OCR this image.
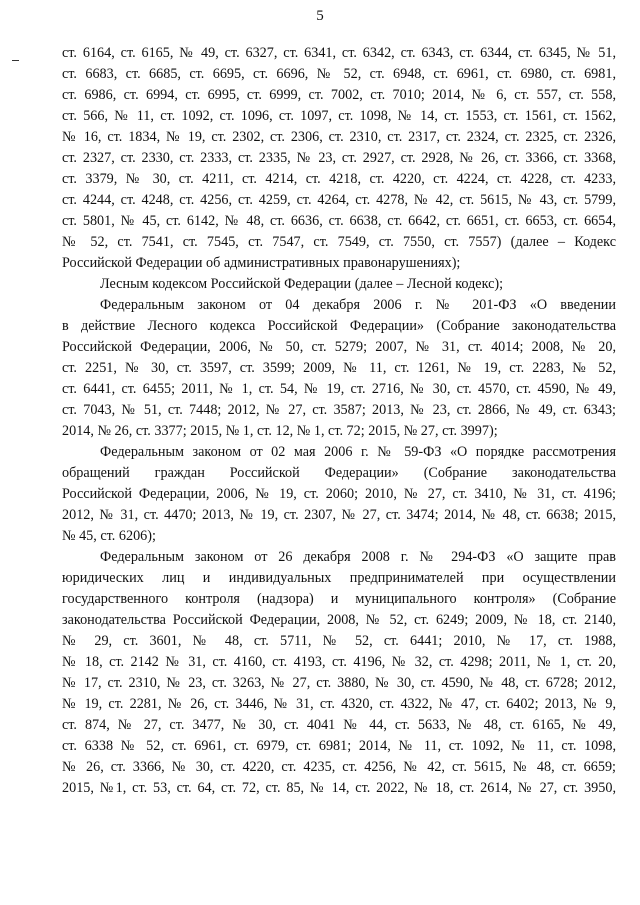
5
ст. 6164, ст. 6165, № 49, ст. 6327, ст. 6341, ст. 6342, ст. 6343, ст. 6344, ст. 6345, № 51,
ст. 6683, ст. 6685, ст. 6695, ст. 6696, № 52, ст. 6948, ст. 6961, ст. 6980, ст. 6981,
ст. 6986, ст. 6994, ст. 6995, ст. 6999, ст. 7002, ст. 7010; 2014, № 6, ст. 557, ст. 558,
ст. 566, № 11, ст. 1092, ст. 1096, ст. 1097, ст. 1098, № 14, ст. 1553, ст. 1561, ст. 1562,
№ 16, ст. 1834, № 19, ст. 2302, ст. 2306, ст. 2310, ст. 2317, ст. 2324, ст. 2325, ст. 2326,
ст. 2327, ст. 2330, ст. 2333, ст. 2335, № 23, ст. 2927, ст. 2928, № 26, ст. 3366, ст. 3368,
ст. 3379, № 30, ст. 4211, ст. 4214, ст. 4218, ст. 4220, ст. 4224, ст. 4228, ст. 4233,
ст. 4244, ст. 4248, ст. 4256, ст. 4259, ст. 4264, ст. 4278, № 42, ст. 5615, № 43, ст. 5799,
ст. 5801, № 45, ст. 6142, № 48, ст. 6636, ст. 6638, ст. 6642, ст. 6651, ст. 6653, ст. 6654,
№ 52, ст. 7541, ст. 7545, ст. 7547, ст. 7549, ст. 7550, ст. 7557) (далее – Кодекс
Российской Федерации об административных правонарушениях);
Лесным кодексом Российской Федерации (далее – Лесной кодекс);
Федеральным законом от 04 декабря 2006 г. № 201-ФЗ «О введении
в действие Лесного кодекса Российской Федерации» (Собрание законодательства
Российской Федерации, 2006, № 50, ст. 5279; 2007, № 31, ст. 4014; 2008, № 20,
ст. 2251, № 30, ст. 3597, ст. 3599; 2009, № 11, ст. 1261, № 19, ст. 2283, № 52,
ст. 6441, ст. 6455; 2011, № 1, ст. 54, № 19, ст. 2716, № 30, ст. 4570, ст. 4590, № 49,
ст. 7043, № 51, ст. 7448; 2012, № 27, ст. 3587; 2013, № 23, ст. 2866, № 49, ст. 6343;
2014, № 26, ст. 3377; 2015, № 1, ст. 12, № 1, ст. 72; 2015, № 27, ст. 3997);
Федеральным законом от 02 мая 2006 г. № 59-ФЗ «О порядке рассмотрения
обращений граждан Российской Федерации» (Собрание законодательства
Российской Федерации, 2006, № 19, ст. 2060; 2010, № 27, ст. 3410, № 31, ст. 4196;
2012, № 31, ст. 4470; 2013, № 19, ст. 2307, № 27, ст. 3474; 2014, № 48, ст. 6638; 2015,
№ 45, ст. 6206);
Федеральным законом от 26 декабря 2008 г. № 294-ФЗ «О защите прав
юридических лиц и индивидуальных предпринимателей при осуществлении
государственного контроля (надзора) и муниципального контроля» (Собрание
законодательства Российской Федерации, 2008, № 52, ст. 6249; 2009, № 18, ст. 2140,
№ 29, ст. 3601, № 48, ст. 5711, № 52, ст. 6441; 2010, № 17, ст. 1988,
№ 18, ст. 2142 № 31, ст. 4160, ст. 4193, ст. 4196, № 32, ст. 4298; 2011, № 1, ст. 20,
№ 17, ст. 2310, № 23, ст. 3263, № 27, ст. 3880, № 30, ст. 4590, № 48, ст. 6728; 2012,
№ 19, ст. 2281, № 26, ст. 3446, № 31, ст. 4320, ст. 4322, № 47, ст. 6402; 2013, № 9,
ст. 874, № 27, ст. 3477, № 30, ст. 4041 № 44, ст. 5633, № 48, ст. 6165, № 49,
ст. 6338 № 52, ст. 6961, ст. 6979, ст. 6981; 2014, № 11, ст. 1092, № 11, ст. 1098,
№ 26, ст. 3366, № 30, ст. 4220, ст. 4235, ст. 4256, № 42, ст. 5615, № 48, ст. 6659;
2015, №1, ст. 53, ст. 64, ст. 72, ст. 85, № 14, ст. 2022, № 18, ст. 2614, № 27, ст. 3950,
